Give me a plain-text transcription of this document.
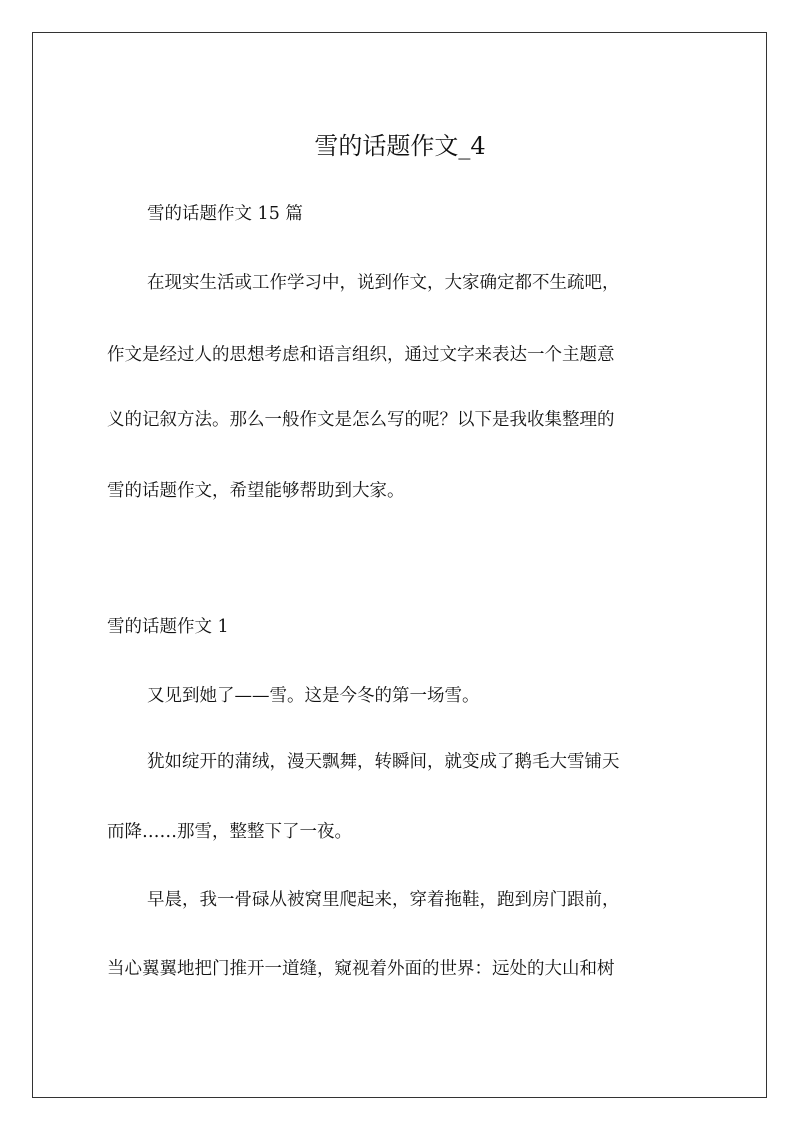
雪的话题作文_4
雪的话题作文 15 篇
在现实生活或工作学习中，说到作文，大家确定都不生疏吧，
作文是经过人的思想考虑和语言组织，通过文字来表达一个主题意
义的记叙方法。那么一般作文是怎么写的呢？以下是我收集整理的
雪的话题作文，希望能够帮助到大家。
雪的话题作文 1
又见到她了——雪。这是今冬的第一场雪。
犹如绽开的蒲绒，漫天飘舞，转瞬间，就变成了鹅毛大雪铺天
而降……那雪，整整下了一夜。
早晨，我一骨碌从被窝里爬起来，穿着拖鞋，跑到房门跟前，
当心翼翼地把门推开一道缝，窥视着外面的世界：远处的大山和树
